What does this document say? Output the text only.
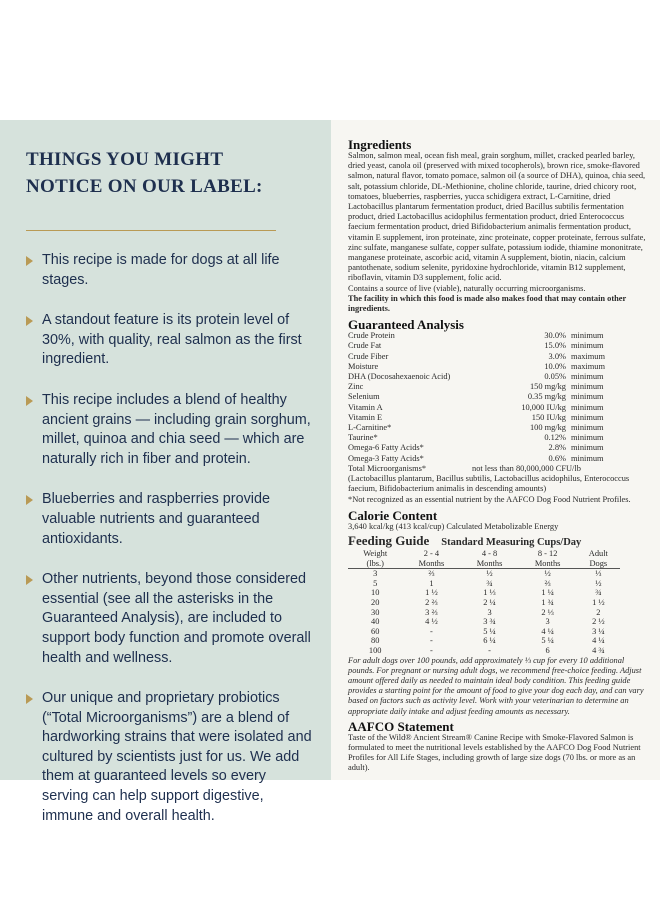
THINGS YOU MIGHT
NOTICE ON OUR LABEL:
This recipe is made for dogs at all life stages.
A standout feature is its protein level of 30%, with quality, real salmon as the first ingredient.
This recipe includes a blend of healthy ancient grains — including grain sorghum, millet, quinoa and chia seed — which are naturally rich in fiber and protein.
Blueberries and raspberries provide valuable nutrients and guaranteed antioxidants.
Other nutrients, beyond those considered essential (see all the asterisks in the Guaranteed Analysis), are included to support body function and promote overall health and wellness.
Our unique and proprietary probiotics (“Total Microorganisms”) are a blend of hardworking strains that were isolated and cultured by scientists just for us. We add them at guaranteed levels so every serving can help support digestive, immune and overall health.
Ingredients

Salmon, salmon meal, ocean fish meal, grain sorghum, millet, cracked pearled barley, dried yeast, canola oil (preserved with mixed tocopherols), brown rice, smoke-flavored salmon, natural flavor, tomato pomace, salmon oil (a source of DHA), quinoa, chia seed, salt, potassium chloride, DL-Methionine, choline chloride, taurine, dried chicory root, tomatoes, blueberries, raspberries, yucca schidigera extract, L-Carnitine, dried Lactobacillus plantarum fermentation product, dried Bacillus subtilis fermentation product, dried Lactobacillus acidophilus fermentation product, dried Enterococcus faecium fermentation product, dried Bifidobacterium animalis fermentation product, vitamin E supplement, iron proteinate, zinc proteinate, copper proteinate, ferrous sulfate, zinc sulfate, manganese sulfate, copper sulfate, potassium iodide, thiamine mononitrate, manganese proteinate, ascorbic acid, vitamin A supplement, biotin, niacin, calcium pantothenate, sodium selenite, pyridoxine hydrochloride, vitamin B12 supplement, riboflavin, vitamin D3 supplement, folic acid.

Contains a source of live (viable), naturally occurring microorganisms.

The facility in which this food is made also makes food that may contain other ingredients.

Guaranteed Analysis
Crude Protein	30.0% minimum
Crude Fat	15.0% minimum
Crude Fiber	3.0% maximum
Moisture	10.0% maximum
DHA (Docosahexaenoic Acid)	0.05% minimum
Zinc	150 mg/kg minimum
Selenium	0.35 mg/kg minimum
Vitamin A	10,000 IU/kg minimum
Vitamin E	150 IU/kg minimum
L-Carnitine*	100 mg/kg minimum
Taurine*	0.12% minimum
Omega-6 Fatty Acids*	2.8% minimum
Omega-3 Fatty Acids*	0.6% minimum
Total Microorganisms*	not less than 80,000,000 CFU/lb

(Lactobacillus plantarum, Bacillus subtilis, Lactobacillus acidophilus, Enterococcus faecium, Bifidobacterium animalis in descending amounts)

*Not recognized as an essential nutrient by the AAFCO Dog Food Nutrient Profiles.

Calorie Content

3,640 kcal/kg (413 kcal/cup) Calculated Metabolizable Energy

Feeding Guide Standard Measuring Cups/Day
Weight	2 - 4	4 - 8	8 - 12	Adult
(lbs.)	Months	Months	Months	Dogs
3	⅔	½	½	⅓
5	1	¾	⅔	½
10	1 ½	1 ⅓	1 ¼	¾
20	2 ⅔	2 ¼	1 ¾	1 ½
30	3 ⅔	3	2 ⅓	2
40	4 ½	3 ¾	3	2 ½
60	-	5 ¼	4 ¼	3 ¼
80	-	6 ¼	5 ¼	4 ¼
100	-	-	6	4 ¾

For adult dogs over 100 pounds, add approximately ⅓ cup for every 10 additional pounds. For pregnant or nursing adult dogs, we recommend free-choice feeding. Adjust amount offered daily as needed to maintain ideal body condition. This feeding guide provides a starting point for the amount of food to give your dog each day, and can vary based on factors such as activity level. Work with your veterinarian to determine an appropriate daily intake and adjust feeding amounts as necessary.

AAFCO Statement

Taste of the Wild® Ancient Stream® Canine Recipe with Smoke-Flavored Salmon is formulated to meet the nutritional levels established by the AAFCO Dog Food Nutrient Profiles for All Life Stages, including growth of large size dogs (70 lbs. or more as an adult).
